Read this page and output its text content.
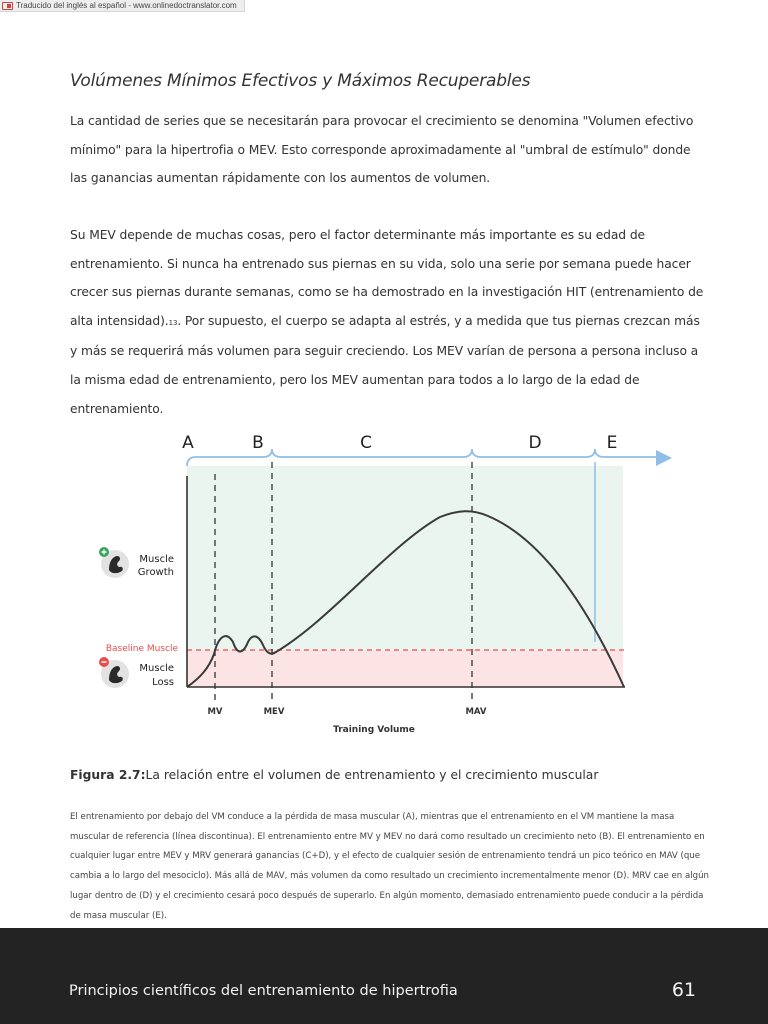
Traducido del inglés al español - www.onlinedoctranslator.com
Volúmenes Mínimos Efectivos y Máximos Recuperables

La cantidad de series que se necesitarán para provocar el crecimiento se denomina "Volumen efectivo mínimo" para la hipertrofia o MEV. Esto corresponde aproximadamente al "umbral de estímulo" donde las ganancias aumentan rápidamente con los aumentos de volumen.

Su MEV depende de muchas cosas, pero el factor determinante más importante es su edad de entrenamiento. Si nunca ha entrenado sus piernas en su vida, solo una serie por semana puede hacer crecer sus piernas durante semanas, como se ha demostrado en la investigación HIT (entrenamiento de alta intensidad).13. Por supuesto, el cuerpo se adapta al estrés, y a medida que tus piernas crezcan más y más se requerirá más volumen para seguir creciendo. Los MEV varían de persona a persona incluso a la misma edad de entrenamiento, pero los MEV aumentan para todos a lo largo de la edad de entrenamiento.

A	B	C	D	E
MV	MEV	MAV
Training Volume
Muscle
Growth
Baseline Muscle
Muscle
Loss
Figura 2.7:La relación entre el volumen de entrenamiento y el crecimiento muscular

El entrenamiento por debajo del VM conduce a la pérdida de masa muscular (A), mientras que el entrenamiento en el VM mantiene la masa muscular de referencia (línea discontinua). El entrenamiento entre MV y MEV no dará como resultado un crecimiento neto (B). El entrenamiento en cualquier lugar entre MEV y MRV generará ganancias (C+D), y el efecto de cualquier sesión de entrenamiento tendrá un pico teórico en MAV (que cambia a lo largo del mesociclo). Más allá de MAV, más volumen da como resultado un crecimiento incrementalmente menor (D). MRV cae en algún lugar dentro de (D) y el crecimiento cesará poco después de superarlo. En algún momento, demasiado entrenamiento puede conducir a la pérdida de masa muscular (E).

Principios científicos del entrenamiento de hipertrofia	61
